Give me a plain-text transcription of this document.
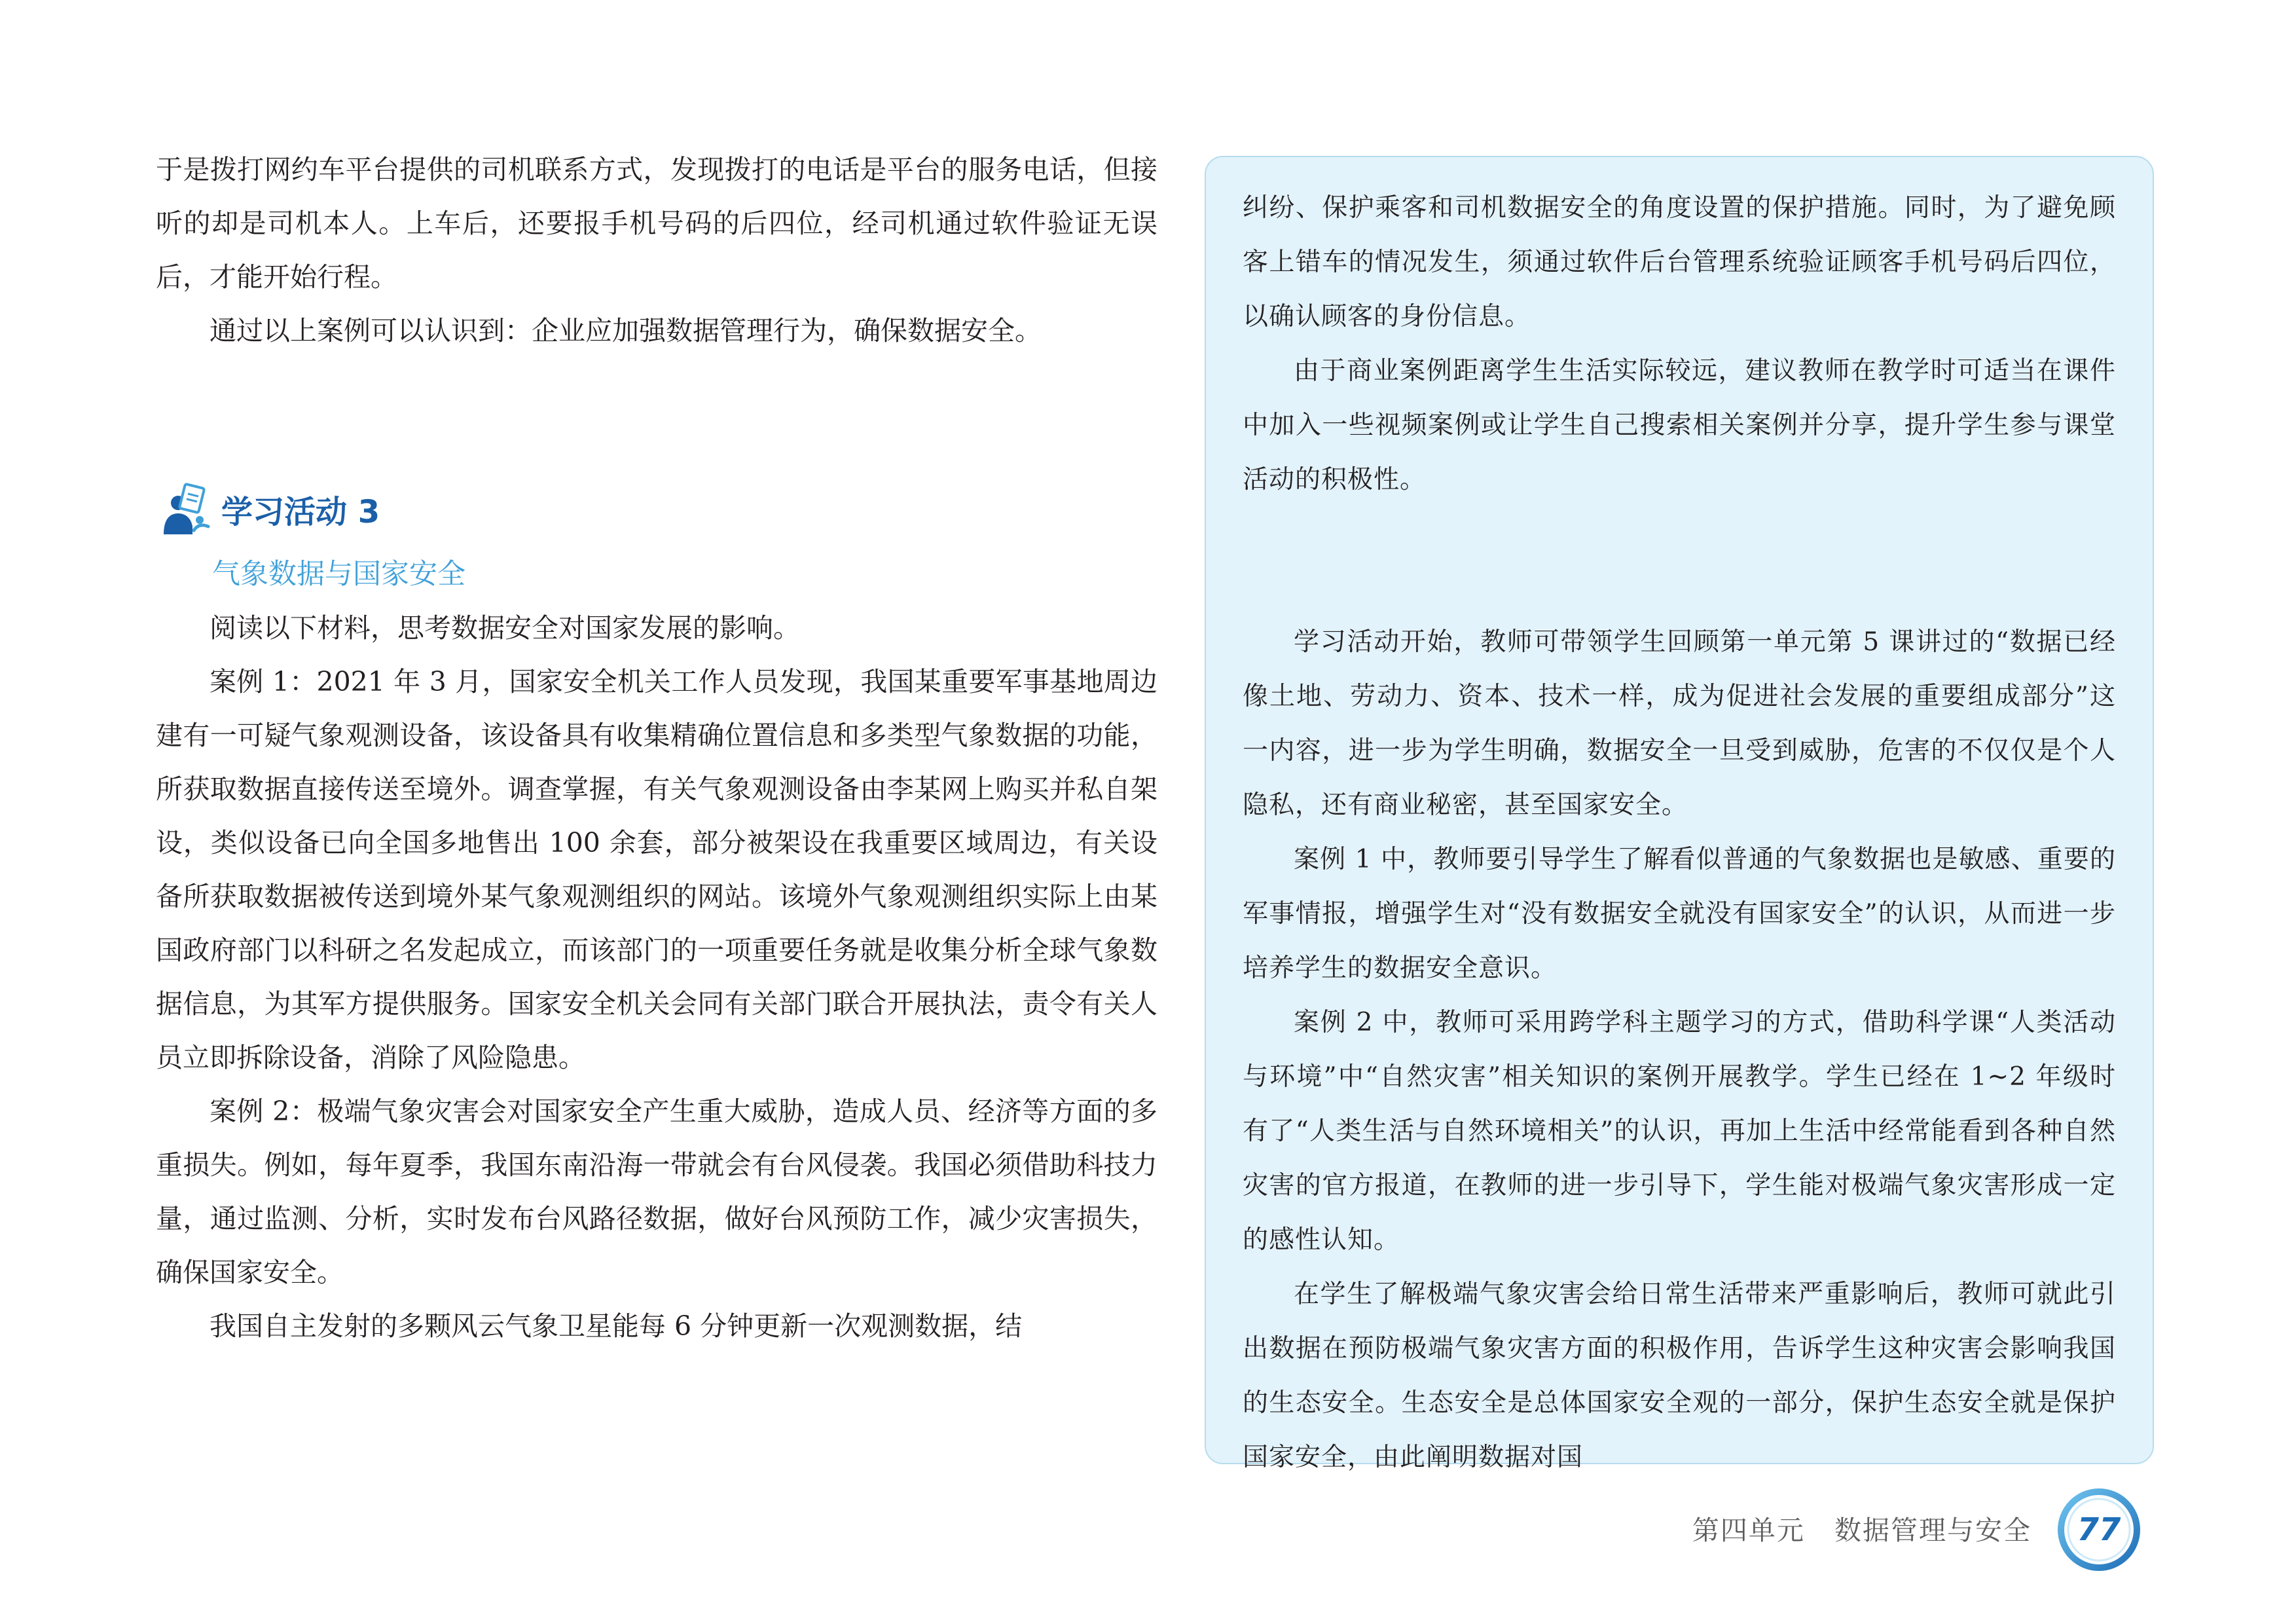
于是拨打网约车平台提供的司机联系方式，发现拨打的电话是平台的服务电话，但接听的却是司机本人。上车后，还要报手机号码的后四位，经司机通过软件验证无误后，才能开始行程。

通过以上案例可以认识到：企业应加强数据管理行为，确保数据安全。

学习活动 3

气象数据与国家安全

阅读以下材料，思考数据安全对国家发展的影响。

案例 1：2021 年 3 月，国家安全机关工作人员发现，我国某重要军事基地周边建有一可疑气象观测设备，该设备具有收集精确位置信息和多类型气象数据的功能，所获取数据直接传送至境外。调查掌握，有关气象观测设备由李某网上购买并私自架设，类似设备已向全国多地售出 100 余套，部分被架设在我重要区域周边，有关设备所获取数据被传送到境外某气象观测组织的网站。该境外气象观测组织实际上由某国政府部门以科研之名发起成立，而该部门的一项重要任务就是收集分析全球气象数据信息，为其军方提供服务。国家安全机关会同有关部门联合开展执法，责令有关人员立即拆除设备，消除了风险隐患。

案例 2：极端气象灾害会对国家安全产生重大威胁，造成人员、经济等方面的多重损失。例如，每年夏季，我国东南沿海一带就会有台风侵袭。我国必须借助科技力量，通过监测、分析，实时发布台风路径数据，做好台风预防工作，减少灾害损失，确保国家安全。

我国自主发射的多颗风云气象卫星能每 6 分钟更新一次观测数据，结

纠纷、保护乘客和司机数据安全的角度设置的保护措施。同时，为了避免顾客上错车的情况发生，须通过软件后台管理系统验证顾客手机号码后四位，以确认顾客的身份信息。

由于商业案例距离学生生活实际较远，建议教师在教学时可适当在课件中加入一些视频案例或让学生自己搜索相关案例并分享，提升学生参与课堂活动的积极性。

学习活动开始，教师可带领学生回顾第一单元第 5 课讲过的“数据已经像土地、劳动力、资本、技术一样，成为促进社会发展的重要组成部分”这一内容，进一步为学生明确，数据安全一旦受到威胁，危害的不仅仅是个人隐私，还有商业秘密，甚至国家安全。

案例 1 中，教师要引导学生了解看似普通的气象数据也是敏感、重要的军事情报，增强学生对“没有数据安全就没有国家安全”的认识，从而进一步培养学生的数据安全意识。

案例 2 中，教师可采用跨学科主题学习的方式，借助科学课“人类活动与环境”中“自然灾害”相关知识的案例开展教学。学生已经在 1~2 年级时有了“人类生活与自然环境相关”的认识，再加上生活中经常能看到各种自然灾害的官方报道，在教师的进一步引导下，学生能对极端气象灾害形成一定的感性认知。

在学生了解极端气象灾害会给日常生活带来严重影响后，教师可就此引出数据在预防极端气象灾害方面的积极作用，告诉学生这种灾害会影响我国的生态安全。生态安全是总体国家安全观的一部分，保护生态安全就是保护国家安全，由此阐明数据对国

第四单元 数据管理与安全	77
